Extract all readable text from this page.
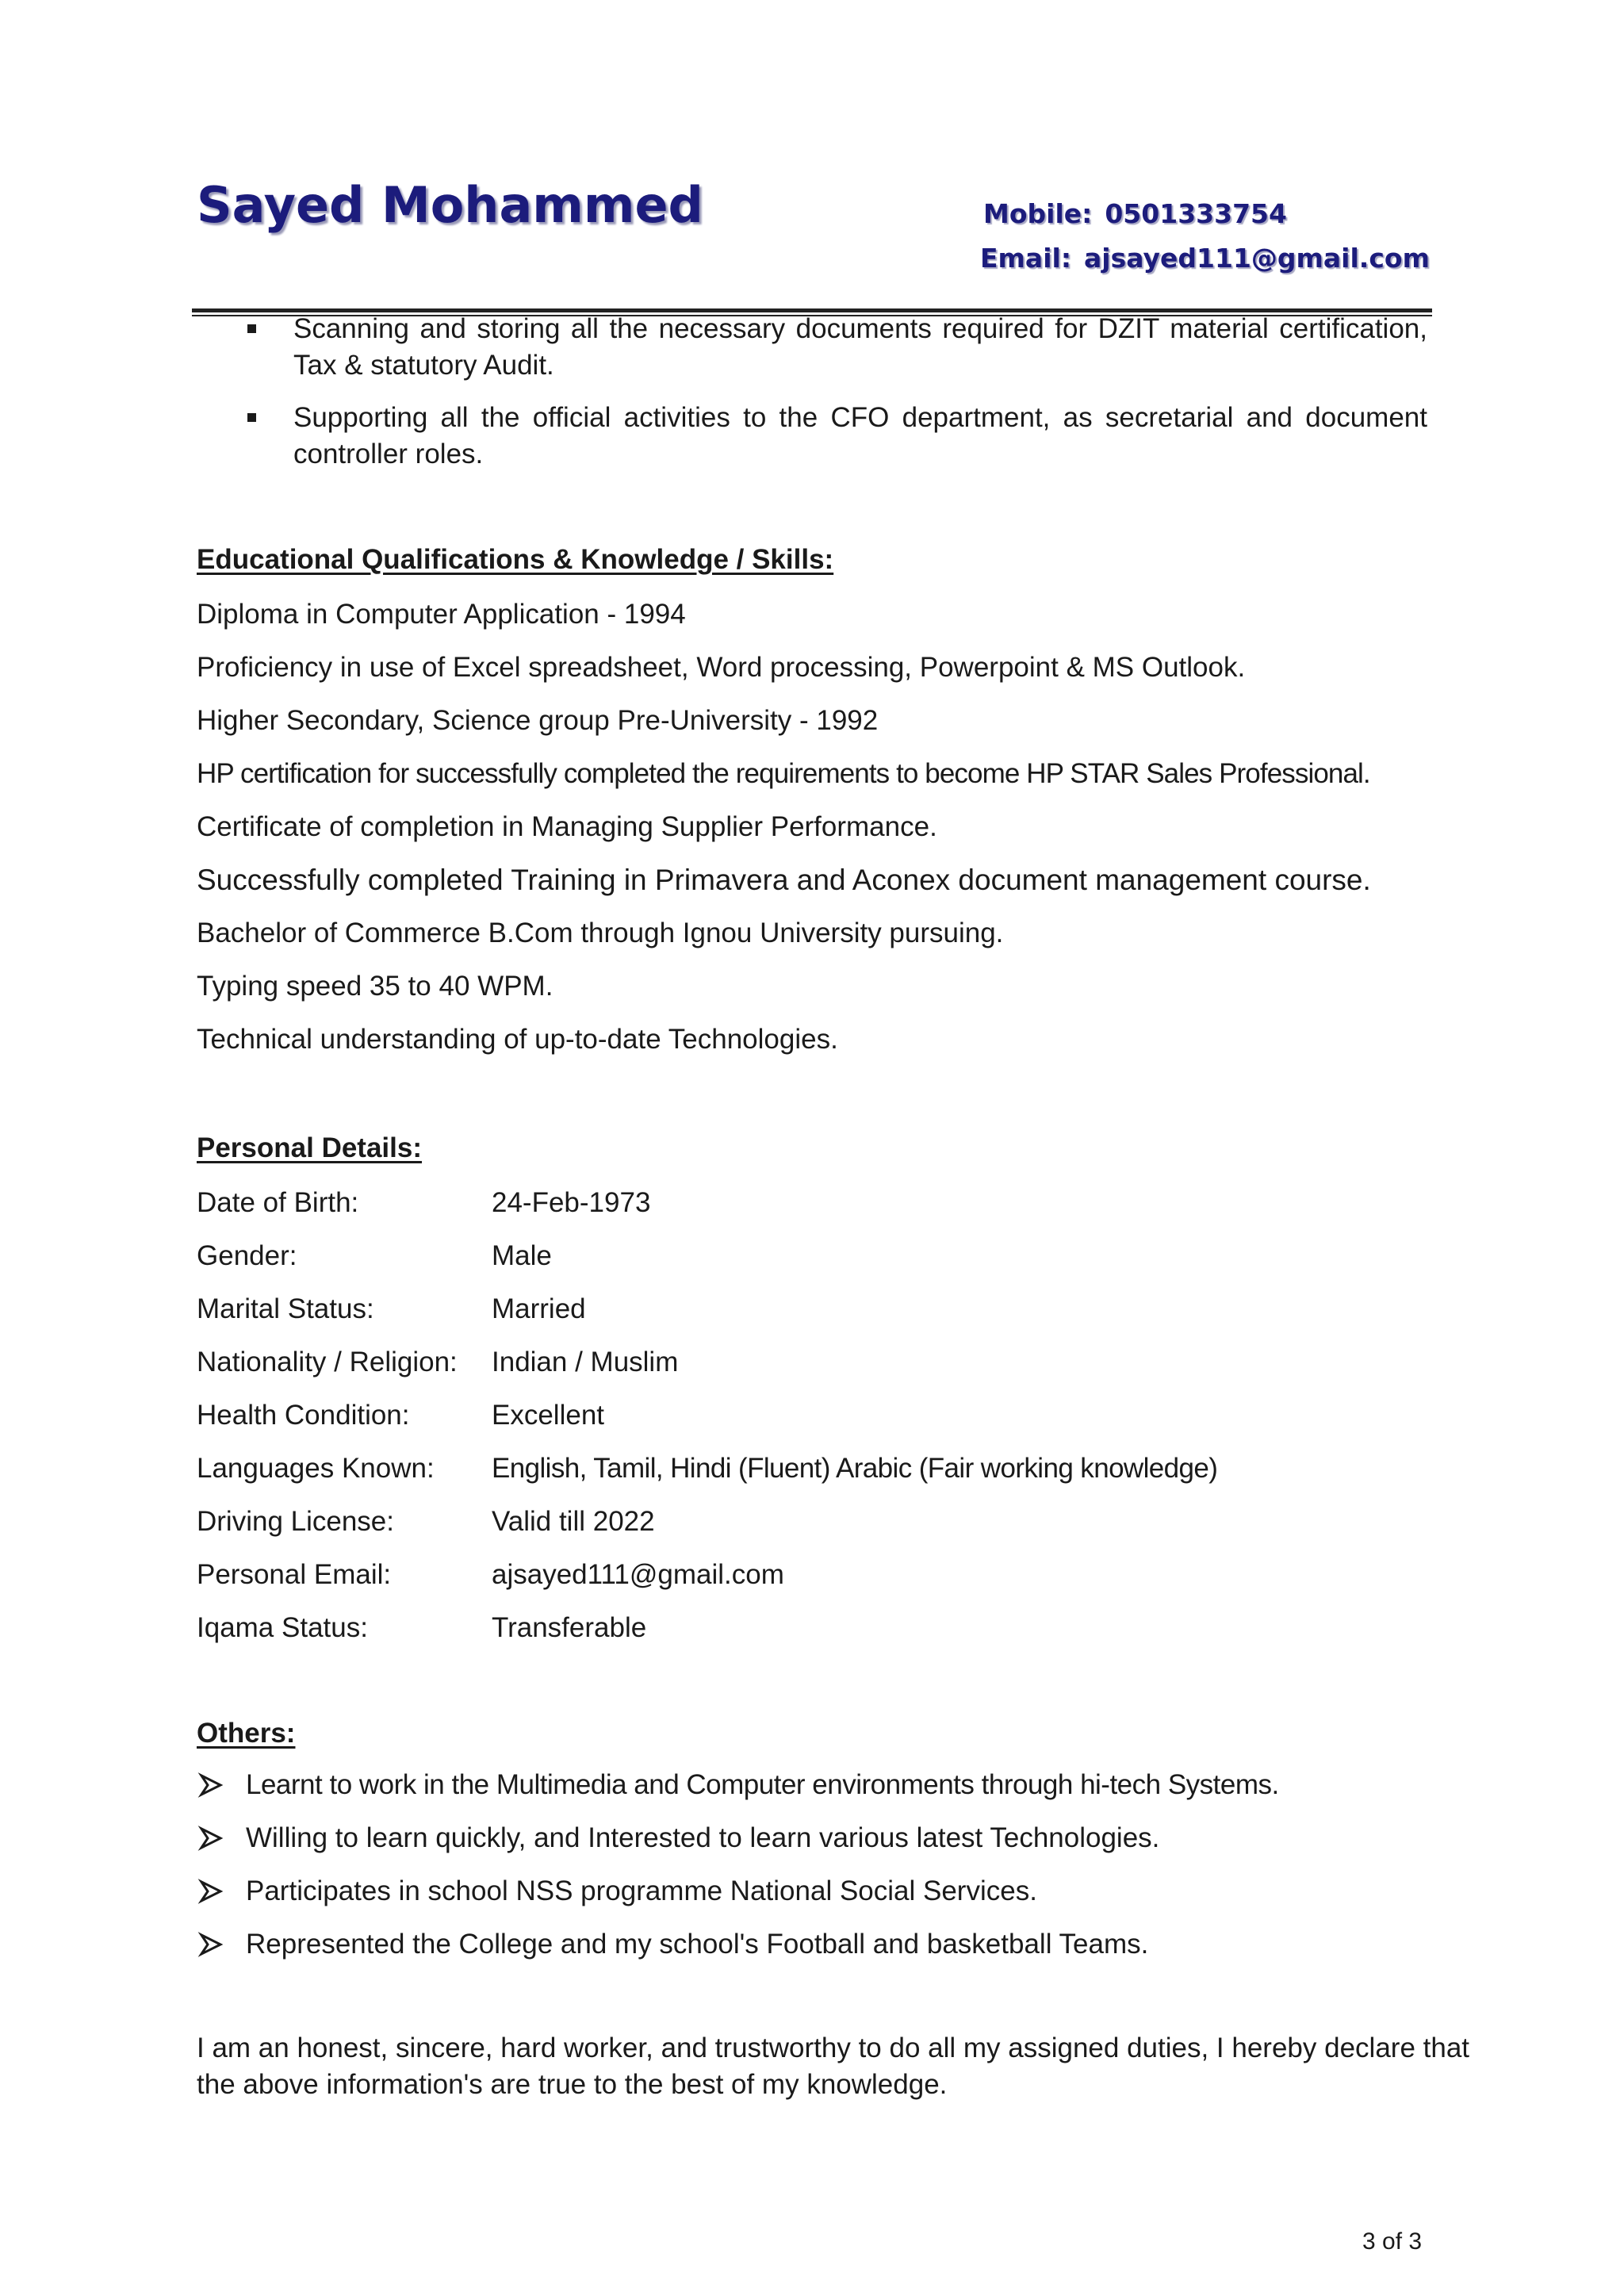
Sayed Mohammed	Mobile: 0501333754
Email: ajsayed111@gmail.com
Scanning and storing all the necessary documents required for DZIT material certification, Tax & statutory Audit.
Supporting all the official activities to the CFO department, as secretarial and document controller roles.
Educational Qualifications & Knowledge / Skills:
Diploma in Computer Application - 1994
Proficiency in use of Excel spreadsheet, Word processing, Powerpoint & MS Outlook.
Higher Secondary, Science group Pre-University - 1992
HP certification for successfully completed the requirements to become HP STAR Sales Professional.
Certificate of completion in Managing Supplier Performance.
Successfully completed Training in Primavera and Aconex document management course.
Bachelor of Commerce B.Com through Ignou University pursuing.
Typing speed 35 to 40 WPM.
Technical understanding of up-to-date Technologies.
Personal Details:
Date of Birth:	24-Feb-1973
Gender:	Male
Marital Status:	Married
Nationality / Religion: Indian / Muslim
Health Condition:	Excellent
Languages Known: English, Tamil, Hindi (Fluent) Arabic (Fair working knowledge)
Driving License:	Valid till 2022
Personal Email:	ajsayed111@gmail.com
Iqama Status:	Transferable
Others:
Learnt to work in the Multimedia and Computer environments through hi-tech Systems.
Willing to learn quickly, and Interested to learn various latest Technologies.
Participates in school NSS programme National Social Services.
Represented the College and my school's Football and basketball Teams.
I am an honest, sincere, hard worker, and trustworthy to do all my assigned duties, I hereby declare that the above information's are true to the best of my knowledge.
3 of 3
